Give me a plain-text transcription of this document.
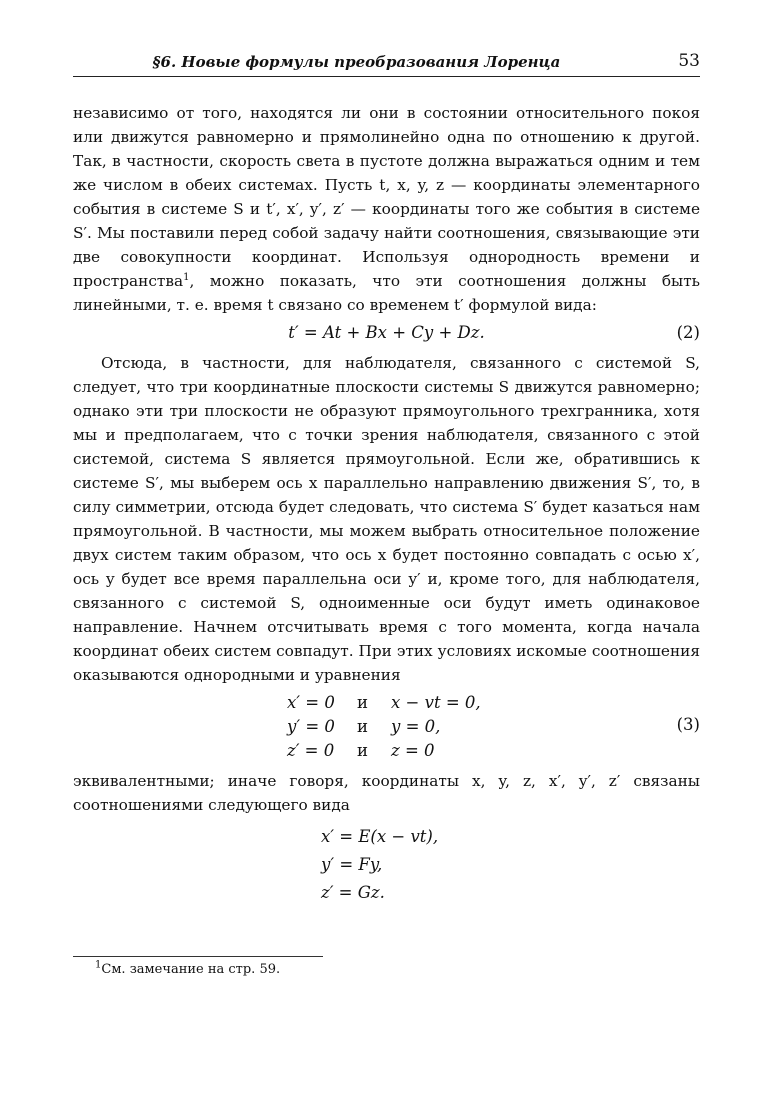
§6. Новые формулы преобразования Лоренца	53

независимо от того, находятся ли они в состоянии относительного покоя или движутся равномерно и прямолинейно одна по отношению к другой. Так, в частности, скорость света в пустоте должна выражаться одним и тем же числом в обеих системах. Пусть t, x, y, z — координаты элементарного события в системе S и t′, x′, y′, z′ — координаты того же события в системе S′. Мы поставили перед собой задачу найти соотношения, связывающие эти две совокупности координат. Используя однородность времени и пространства$^1$, можно показать, что эти соотношения должны быть линейными, т. е. время t связано со временем t′ формулой вида:

t′ = At + Bx + Cy + Dz.	(2)

Отсюда, в частности, для наблюдателя, связанного с системой S, следует, что три координатные плоскости системы S движутся равномерно; однако эти три плоскости не образуют прямоугольного трехгранника, хотя мы и предполагаем, что с точки зрения наблюдателя, связанного с этой системой, система S является прямоугольной. Если же, обратившись к системе S′, мы выберем ось x параллельно направлению движения S′, то, в силу симметрии, отсюда будет следовать, что система S′ будет казаться нам прямоугольной. В частности, мы можем выбрать относительное положение двух систем таким образом, что ось x будет постоянно совпадать с осью x′, ось y будет все время параллельна оси y′ и, кроме того, для наблюдателя, связанного с системой S, одноименные оси будут иметь одинаковое направление. Начнем отсчитывать время с того момента, когда начала координат обеих систем совпадут. При этих условиях искомые соотношения оказываются однородными и уравнения

x′ = 0 и x − vt = 0,
y′ = 0 и y = 0,
z′ = 0 и z = 0
(3)

эквивалентными; иначе говоря, координаты x, y, z, x′, y′, z′ связаны соотношениями следующего вида

x′ = E(x − vt),
y′ = Fy,
z′ = Gz.
$^1$См. замечание на стр. 59.
